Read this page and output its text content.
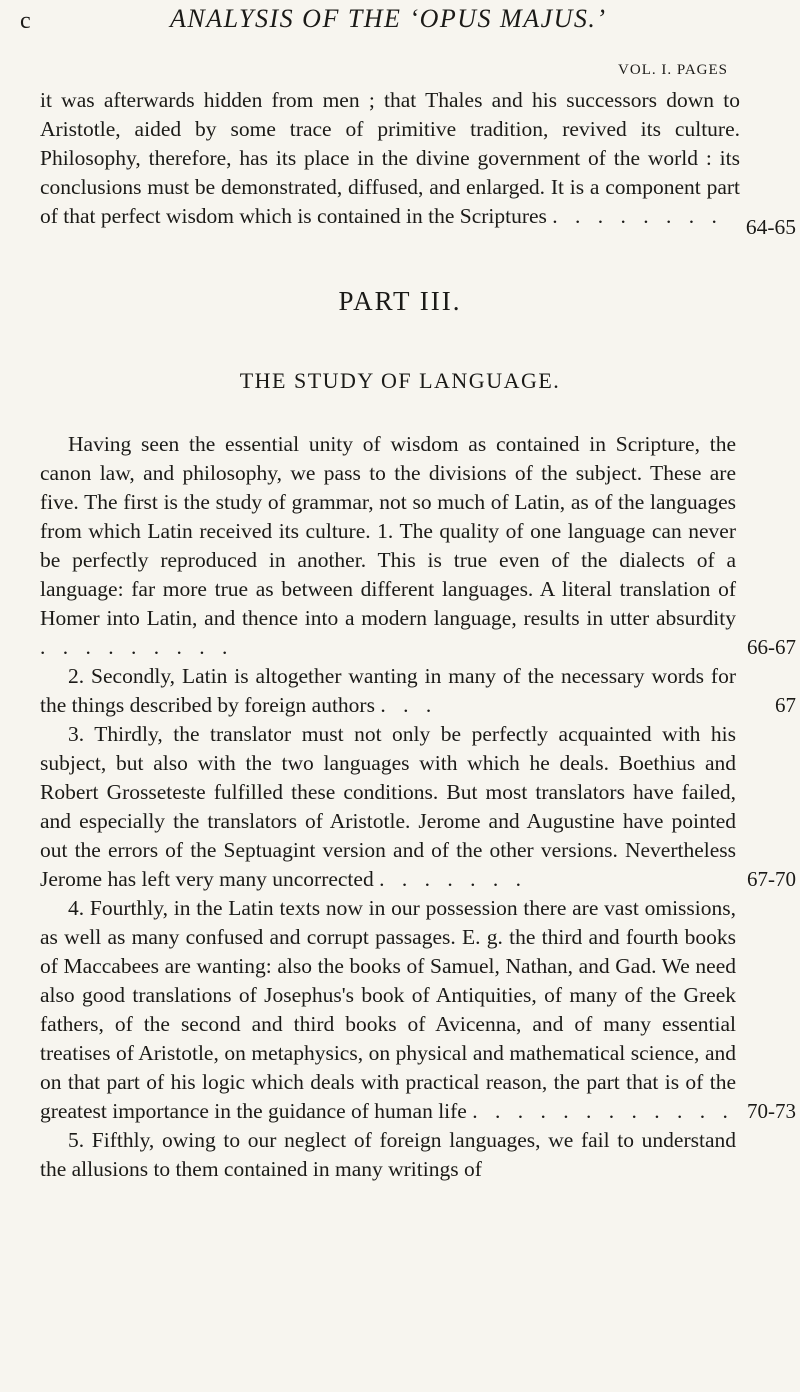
c	ANALYSIS OF THE ‘OPUS MAJUS.’
VOL. I. PAGES

it was afterwards hidden from men ; that Thales and his successors down to Aristotle, aided by some trace of primitive tradition, revived its culture. Philosophy, therefore, has its place in the divine government of the world : its conclusions must be demonstrated, diffused, and enlarged. It is a component part of that perfect wisdom which is contained in the Scriptures . . . . . . . .	64-65
PART III.
THE STUDY OF LANGUAGE.
Having seen the essential unity of wisdom as contained in Scripture, the canon law, and philosophy, we pass to the divisions of the subject. These are five. The first is the study of grammar, not so much of Latin, as of the languages from which Latin received its culture. 1. The quality of one language can never be perfectly reproduced in another. This is true even of the dialects of a language: far more true as between different languages. A literal translation of Homer into Latin, and thence into a modern language, results in utter absurdity . . . . . . . . .	66-67
2. Secondly, Latin is altogether wanting in many of the necessary words for the things described by foreign authors . . .	67
3. Thirdly, the translator must not only be perfectly acquainted with his subject, but also with the two languages with which he deals. Boethius and Robert Grosseteste fulfilled these conditions. But most translators have failed, and especially the translators of Aristotle. Jerome and Augustine have pointed out the errors of the Septuagint version and of the other versions. Nevertheless Jerome has left very many uncorrected . . . . . . .	67-70
4. Fourthly, in the Latin texts now in our possession there are vast omissions, as well as many confused and corrupt passages. E. g. the third and fourth books of Maccabees are wanting: also the books of Samuel, Nathan, and Gad. We need also good translations of Josephus's book of Antiquities, of many of the Greek fathers, of the second and third books of Avicenna, and of many essential treatises of Aristotle, on metaphysics, on physical and mathematical science, and on that part of his logic which deals with practical reason, the part that is of the greatest importance in the guidance of human life . . . . . . . . . . . . 70-73
5. Fifthly, owing to our neglect of foreign languages, we fail to understand the allusions to them contained in many writings of
